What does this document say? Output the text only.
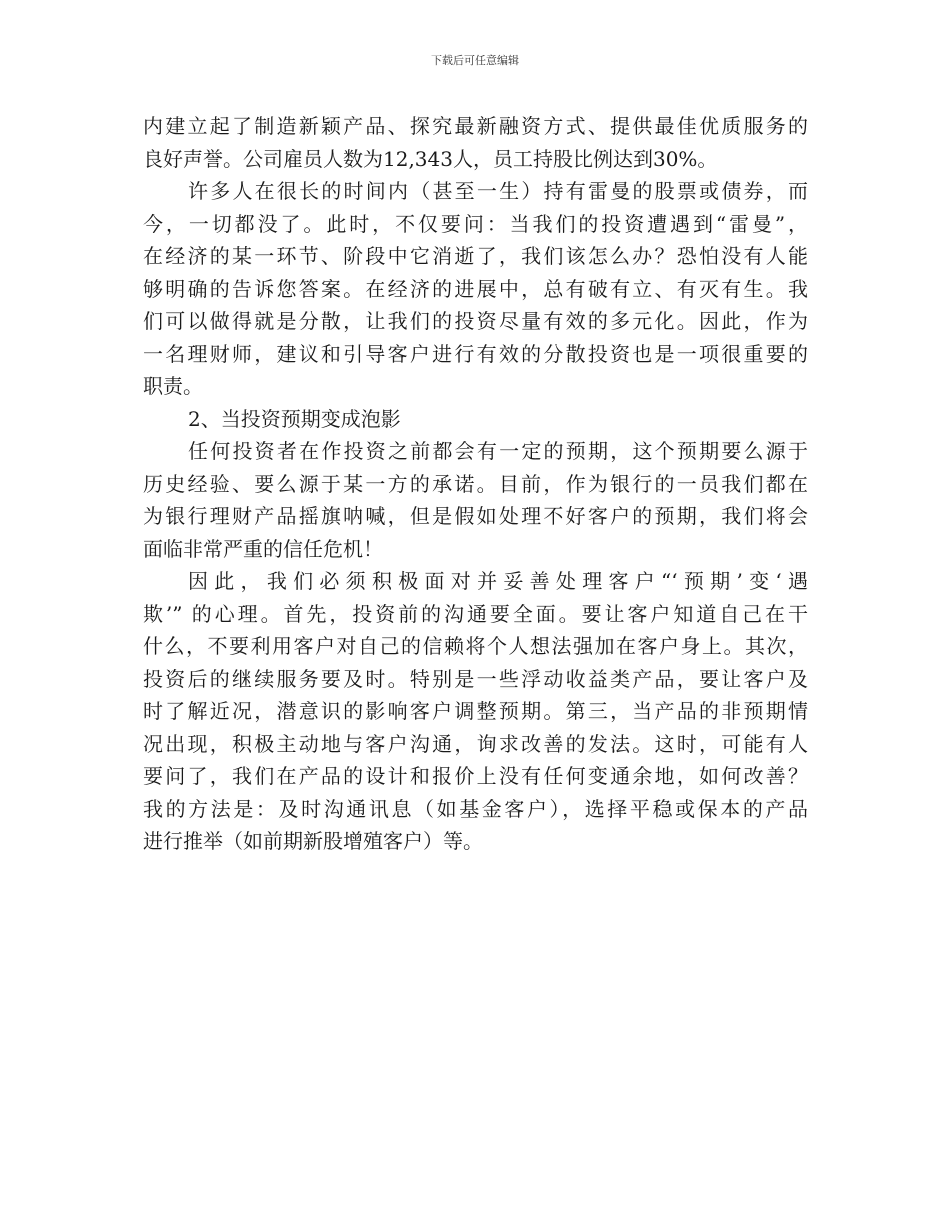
下载后可任意编辑
内建立起了制造新颖产品、探究最新融资方式、提供最佳优质服务的
良好声誉。公司雇员人数为12,343人，员工持股比例达到30%。
许多人在很长的时间内（甚至一生）持有雷曼的股票或债券，而
今，一切都没了。此时，不仅要问：当我们的投资遭遇到“雷曼”，
在经济的某一环节、阶段中它消逝了，我们该怎么办？恐怕没有人能
够明确的告诉您答案。在经济的进展中，总有破有立、有灭有生。我
们可以做得就是分散，让我们的投资尽量有效的多元化。因此，作为
一名理财师，建议和引导客户进行有效的分散投资也是一项很重要的
职责。
2、当投资预期变成泡影
任何投资者在作投资之前都会有一定的预期，这个预期要么源于
历史经验、要么源于某一方的承诺。目前，作为银行的一员我们都在
为银行理财产品摇旗呐喊，但是假如处理不好客户的预期，我们将会
面临非常严重的信任危机！
因此，我们必须积极面对并妥善处理客户“‘预期’变‘遇
欺’” 的心理。首先，投资前的沟通要全面。要让客户知道自己在干
什么，不要利用客户对自己的信赖将个人想法强加在客户身上。其次，
投资后的继续服务要及时。特别是一些浮动收益类产品，要让客户及
时了解近况，潜意识的影响客户调整预期。第三，当产品的非预期情
况出现，积极主动地与客户沟通，询求改善的发法。这时，可能有人
要问了，我们在产品的设计和报价上没有任何变通余地，如何改善？
我的方法是：及时沟通讯息（如基金客户），选择平稳或保本的产品
进行推举（如前期新股增殖客户）等。
